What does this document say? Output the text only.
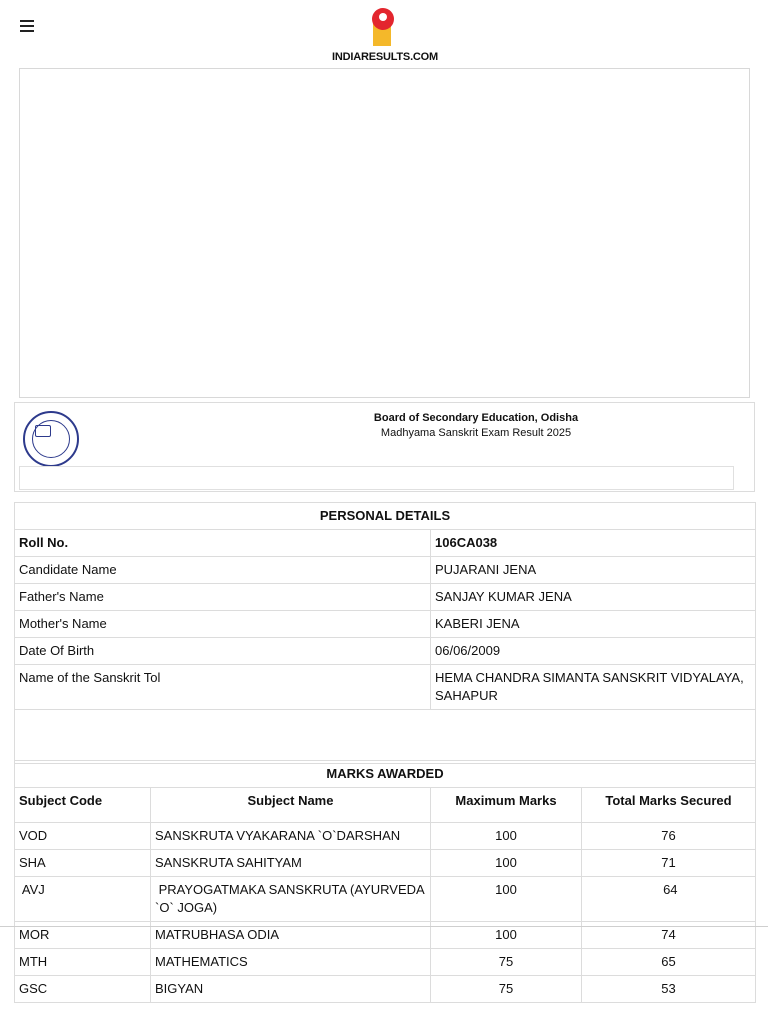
INDIARESULTS.COM
Board of Secondary Education, Odisha
Madhyama Sanskrit Exam Result 2025
PERSONAL DETAILS	
Roll No.	106CA038
Candidate Name	PUJARANI JENA
Father's Name	SANJAY KUMAR JENA
Mother's Name	KABERI JENA
Date Of Birth	06/06/2009
Name of the Sanskrit Tol	HEMA CHANDRA SIMANTA SANSKRIT VIDYALAYA, SAHAPUR

MARKS AWARDED			
Subject Code	Subject Name	Maximum Marks	Total Marks Secured
VOD	SANSKRUTA VYAKARANA `O`DARSHAN	100	76
SHA	SANSKRUTA SAHITYAM	100	71
AVJ	PRAYOGATMAKA SANSKRUTA (AYURVEDA `O` JOGA)	100	64
MOR	MATRUBHASA ODIA	100	74
MTH	MATHEMATICS	75	65
GSC	BIGYAN	75	53
